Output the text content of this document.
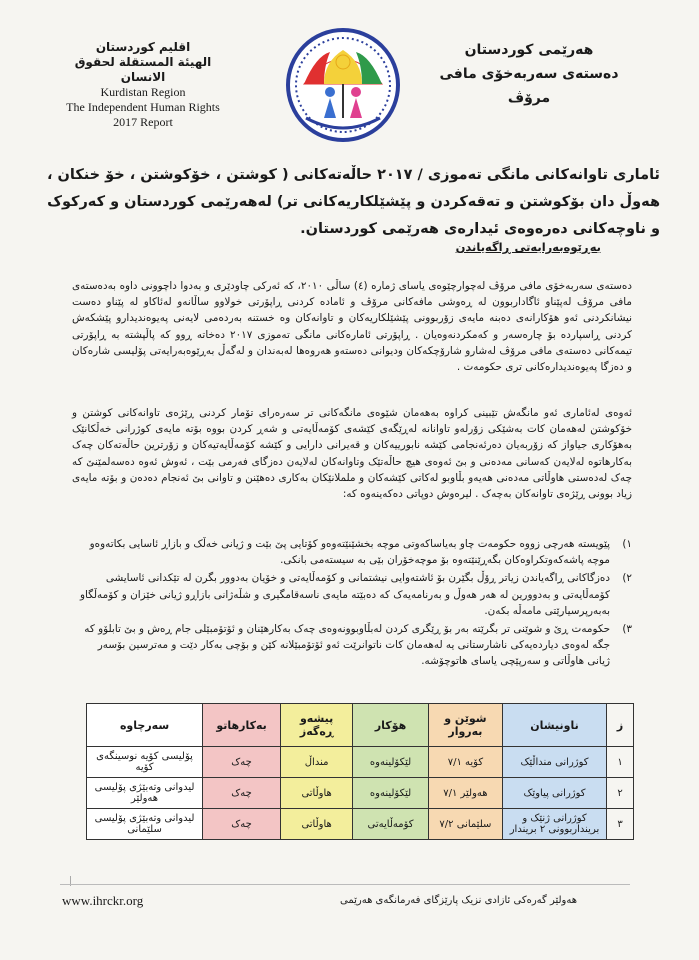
هەرێمی کوردستان
دەستەی سەربەخۆی مافی مرۆڤ
اقليم كوردستان
الهيئة المستقلة لحقوق الانسان
Kurdistan Region
The Independent Human Rights
2017 Report
ئاماری تاوانەکانی مانگی تەموزی / ٢٠١٧ حاڵەتەکانی ( کوشتن ، خۆکوشتن ، خۆ خنکان ، هەوڵ دان بۆکوشتن و تەقەکردن و پێشێلکاریەکانی تر) لەهەرێمی کوردستان و کەرکوک و ناوچەکانی دەرەوەی ئیدارەی هەرێمی کوردستان.
بەڕێوەبەرایەتی ڕاگەیاندن
دەستەی سەربەخۆی مافی مرۆڤ لەچوارچێوەی یاسای ژمارە (٤) ساڵی ٢٠١٠، کە ئەرکی چاودێری و بەدوا داچوونی داوە بەدەستەی مافی مرۆڤ لەپێناو ئاگاداربوون لە ڕەوشی مافەکانی مرۆڤ و ئامادە کردنی ڕاپۆرتی خولاوو ساڵانەو لەئاکاو لە پێناو دەست نیشانکردنی ئەو هۆکارانەی دەبنە مایەی زۆربوونی پێشێلکاریەکان و تاوانەکان وە خستنە بەردەمی لایەنی پەیوەندیدارو پێشکەش کردنی ڕاسپاردە بۆ چارەسەر و کەمکردنەوەیان . ڕاپۆرتی ئامارەکانی مانگی تەموزی ٢٠١٧ دەخاتە ڕوو کە پاڵپشتە بە ڕاپۆرتی تیمەکانی دەستەی مافی مرۆڤ لەشارو شارۆچکەکان ودیوانی دەستەو هەروەها لەبەندان و لەگەڵ بەڕێوەبەرایەتی پۆلیسی شارەکان و دەزگا پەیوەندیدارەکانی تری حکومەت .
ئەوەی لەئاماری ئەو مانگەش تێبینی کراوە بەهەمان شێوەی مانگەکانی تر سەرەرای تۆمار کردنی ڕێژەی تاوانەکانی کوشتن و خۆکوشتن لەهەمان کات بەشێکی زۆرلەو تاوانانە لەڕێگەی کێشەی کۆمەڵایەتی و شەڕ کردن بووە بۆتە مایەی کوژرانی خەڵکانێک بەهۆکاری جیاواز کە زۆربەیان دەرئەنجامی کێشە نابورییەکان و قەیرانی دارایی و کێشە کۆمەڵایەتیەکان و زۆرترین حاڵەتەکان چەک بەکارهاتوە لەلایەن کەسانی مەدەنی و بێ ئەوەی هیچ حاڵەتێک وتاوانەکان لەلایەن دەزگای فەرمی بێت ، ئەوش ئەوە دەسەلمێنێ کە چەک لەدەستی هاوڵاتی مەدەنی هەیەو بڵاوبو لەکاتی کێشەکان و ململانێکان بەکاری دەهێنن و تاوانی بێ ئەنجام دەدەن و بۆتە مایەی زیاد بوونی ڕێژەی تاوانەکان بەچەک . لیرەوش دوپاتی دەکەینەوە کە:
١)
پێویستە هەرچی زووە حکومەت چاو بەیاساکەوتی موچە بخشێنێتەوەو کۆتایی پێ بێت و ژیانی خەڵک و بازاڕ ئاسایی بکاتەوەو موچە پاشەکەوتکراوەکان بگەڕێنێتەوە بۆ موچەخۆران بێی بە سیستەمی بانکی.
٢)
دەزگاکانی ڕاگەیاندن زیاتر ڕۆڵ بگێرن بۆ ئاشتەوایی نیشتمانی و کۆمەڵایەتی و خۆیان بەدوور بگرن لە تێکدانی ئاسایشی کۆمەڵایەتی و بەدوورین لە هەر هەوڵ و بەرنامەیەک کە دەبێتە مایەی ناسەقامگیری و شڵەژانی بازاڕو ژیانی خێزان و کۆمەڵگاو بەبەرپرسیارێتی مامەڵە بکەن.
٣)
حکومەت ڕێ و شوێنی تر بگرێتە بەر بۆ ڕێگری کردن لەبڵاوبوونەوەی چەک بەکارهێنان و ئۆتۆمبێلی جام ڕەش و بێ تابلۆو کە جگە لەوەی دیاردەیەکی ناشارستانی یە لەهەمان کات ناتوانرێت ئەو ئۆتۆمبێلانە کێن و بۆچی بەکار دێت و مەترسین بۆسەر ژیانی هاوڵاتی و سەرپێچی یاسای هاتوچۆشە.
ز	ناونیشان	شوێن و بەروار	هۆکار	پیشەو ڕەگەز	بەکارهاتو	سەرچاوە
١	کوژرانی منداڵێک	کۆیە ٧/١	لێکۆلینەوە	منداڵ	چەک	پۆلیسی کۆیە نوسینگەی کۆیە
٢	کوژرانی پیاوێک	هەولێر ٧/١	لێکۆلینەوە	هاوڵاتی	چەک	لیدوانی وتەبێژی پۆلیسی هەولێر
٣	کوژرانی ژنێک و برینداربوونی ٢ بریندار	سلێمانی ٧/٢	کۆمەڵایەتی	هاوڵاتی	چەک	لیدوانی وتەبێژی پۆلیسی سلێمانی
www.ihrckr.org	هەولێر گەرەکی ئازادی نزیک پارێزگای فەرمانگەی هەرێمی
